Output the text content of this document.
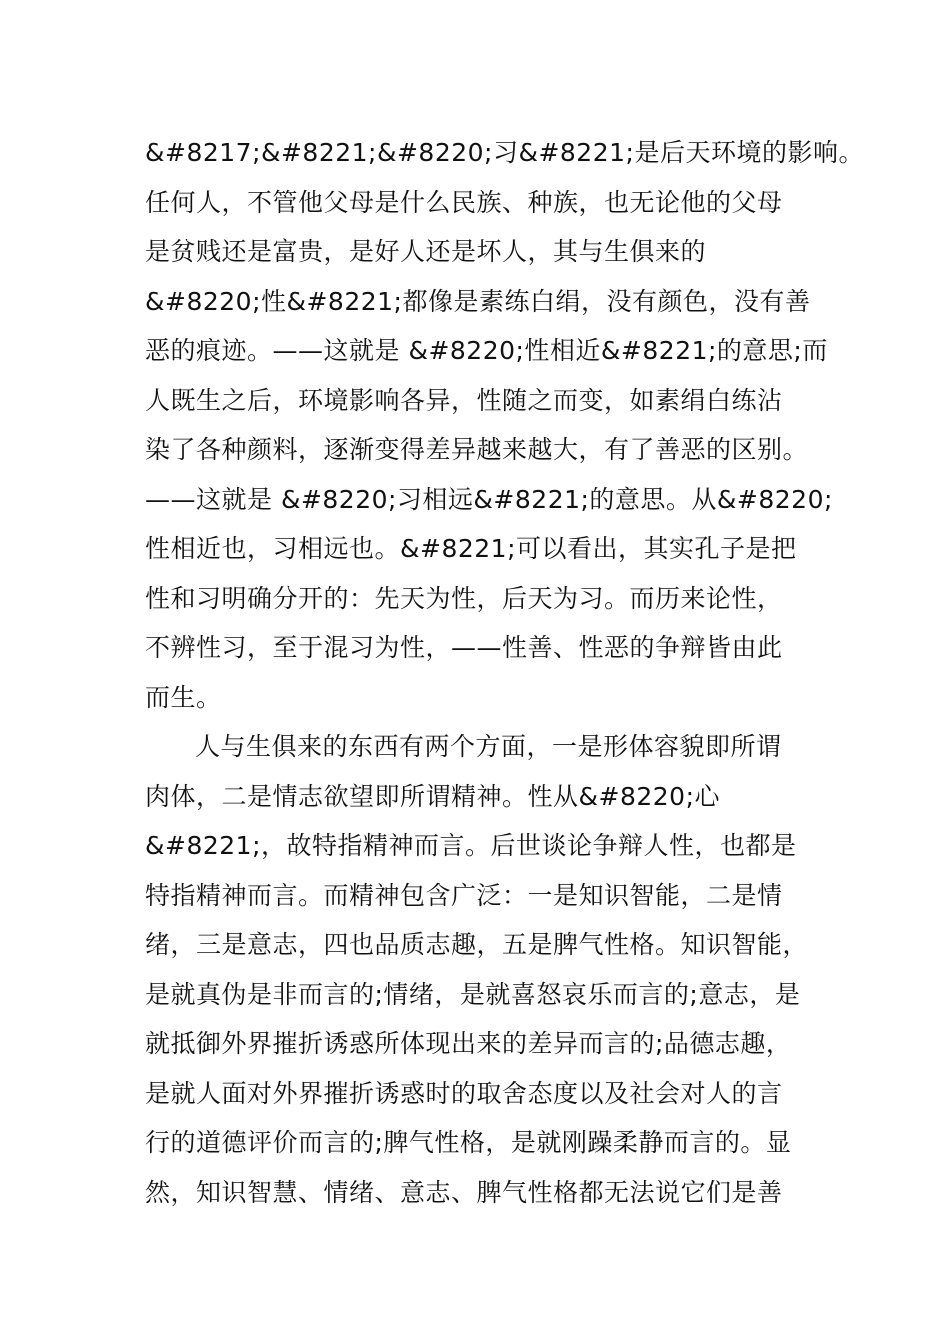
&#8217;&#8221;&#8220;习&#8221;是后天环境的影响。
任何人，不管他父母是什么民族、种族，也无论他的父母
是贫贱还是富贵，是好人还是坏人，其与生俱来的
&#8220;性&#8221;都像是素练白绢，没有颜色，没有善
恶的痕迹。——这就是 &#8220;性相近&#8221;的意思;而
人既生之后，环境影响各异，性随之而变，如素绢白练沾
染了各种颜料，逐渐变得差异越来越大，有了善恶的区别。
——这就是 &#8220;习相远&#8221;的意思。从&#8220;
性相近也，习相远也。&#8221;可以看出，其实孔子是把
性和习明确分开的：先天为性，后天为习。而历来论性，
不辨性习，至于混习为性，——性善、性恶的争辩皆由此
而生。
人与生俱来的东西有两个方面，一是形体容貌即所谓
肉体，二是情志欲望即所谓精神。性从&#8220;心
&#8221;，故特指精神而言。后世谈论争辩人性，也都是
特指精神而言。而精神包含广泛：一是知识智能，二是情
绪，三是意志，四也品质志趣，五是脾气性格。知识智能，
是就真伪是非而言的;情绪，是就喜怒哀乐而言的;意志，是
就抵御外界摧折诱惑所体现出来的差异而言的;品德志趣，
是就人面对外界摧折诱惑时的取舍态度以及社会对人的言
行的道德评价而言的;脾气性格，是就刚躁柔静而言的。显
然，知识智慧、情绪、意志、脾气性格都无法说它们是善
